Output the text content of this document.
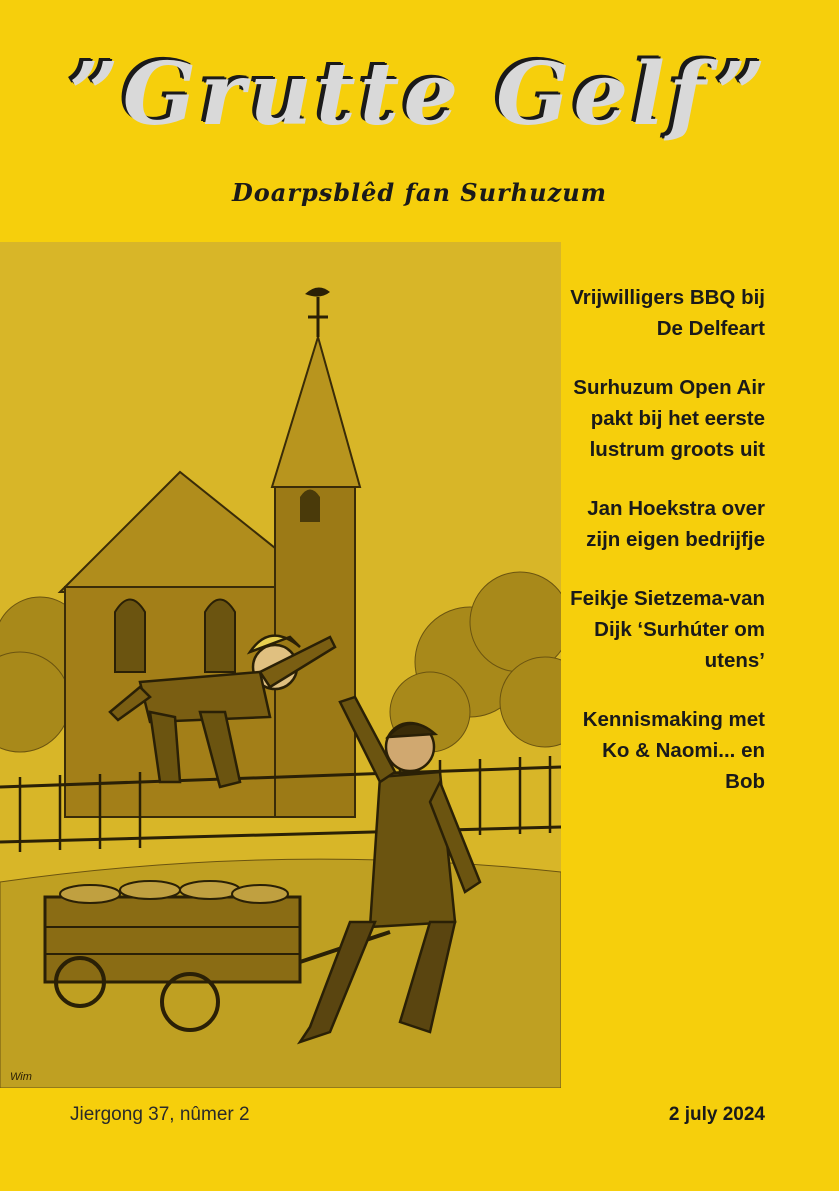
”Grutte Gelf”
Doarpsblêd fan Surhuzum
Wim

Vrijwilligers BBQ bij De Delfeart

Surhuzum Open Air pakt bij het eerste lustrum groots uit

Jan Hoekstra over zijn eigen bedrijfje

Feikje Sietzema-van Dijk ‘Surhúter om utens’

Kennismaking met Ko & Naomi... en Bob

Jiergong 37, nûmer 2	2 july 2024
